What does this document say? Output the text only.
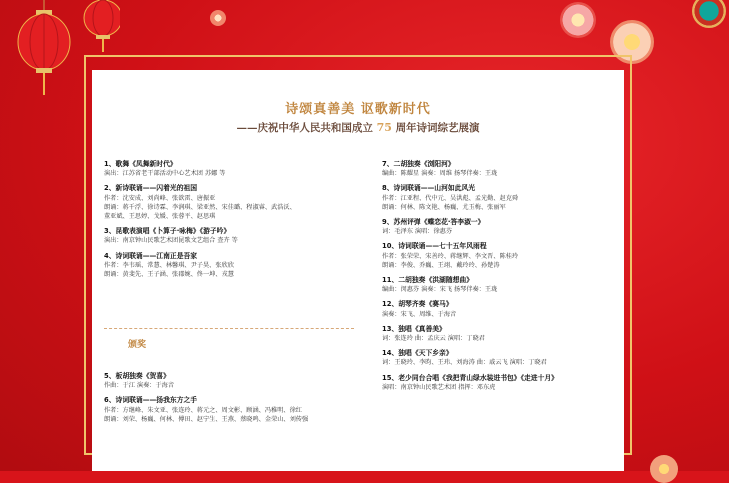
诗颂真善美 讴歌新时代
——庆祝中华人民共和国成立 75 周年诗词综艺展演
1、歌舞《凤舞新时代》
演出：江苏省老干部活动中心艺术团 苏娜 等
2、新诗联诵——闪着光的祖国
作者：沈安成、刘尚峰、张欲雷、唐振亚
朗诵：蒋千浮、徐诗霖、李润琪、梁亚然、宋佳璐、程淑睿、武浩沃、
董亚斌、王思婷、戈媛、张蓉平、赵思琪
3、昆歌表演唱《卜算子·咏梅》《游子吟》
演出：南京钟山民歌艺术团昆歌文艺组合 查卉 等
4、诗词联诵——江南正是吾家
作者：李韦瑶、常慧、林馨琪、尹子昊、张欣欣
朗诵：黄斐先、王子涵、张郡婉、佟一坤、戎慧
颁奖
5、板胡独奏《贺喜》
作曲：于江 演奏：于海音
6、诗词联诵——扬我东方之手
作者：方继峰、朱文亚、张连玲、蒋元之、周文彬、顾涵、冯稚明、徐红
朗诵：刘荣、杨巍、何林、傅田、赵宁生、王燕、蔡晓鸣、金荣山、刘传强
7、二胡独奏《浏阳河》
编曲：陈耀星 演奏：周维 扬琴伴奏：王珑
8、诗词联诵——山河如此风光
作者：江亚程、代中元、吴洪彪、孟光勤、赵克舜
朗诵：何林、陈文艳、杨巍、尤玉梅、张丽军
9、苏州评弹《蝶恋花·答李淑一》
词：毛泽东 演唱：徐惠芬
10、诗词联诵——七十五年风雨程
作者：张荣荣、宋善玲、蒋继辉、李文晋、陈桂玲
朗诵：李俊、乔巍、王翊、戴玲玲、孙楚涛
11、二胡独奏《洪湖随想曲》
编曲：闵惠芬 演奏：宋飞 扬琴伴奏：王珑
12、胡琴齐奏《赛马》
演奏：宋飞、周维、于海音
13、独唱《真善美》
词：张连玲 曲：孟庆云 演唱：丁晓君
14、独唱《天下乡亲》
词：王晓玲、李昀、王玮、刘海涛 曲：戚云飞 演唱：丁晓君
15、老少同台合唱《我把青山绿水装进书包》《走进十月》
演唱：南京钟山民歌艺术团 指挥：邓东虎
